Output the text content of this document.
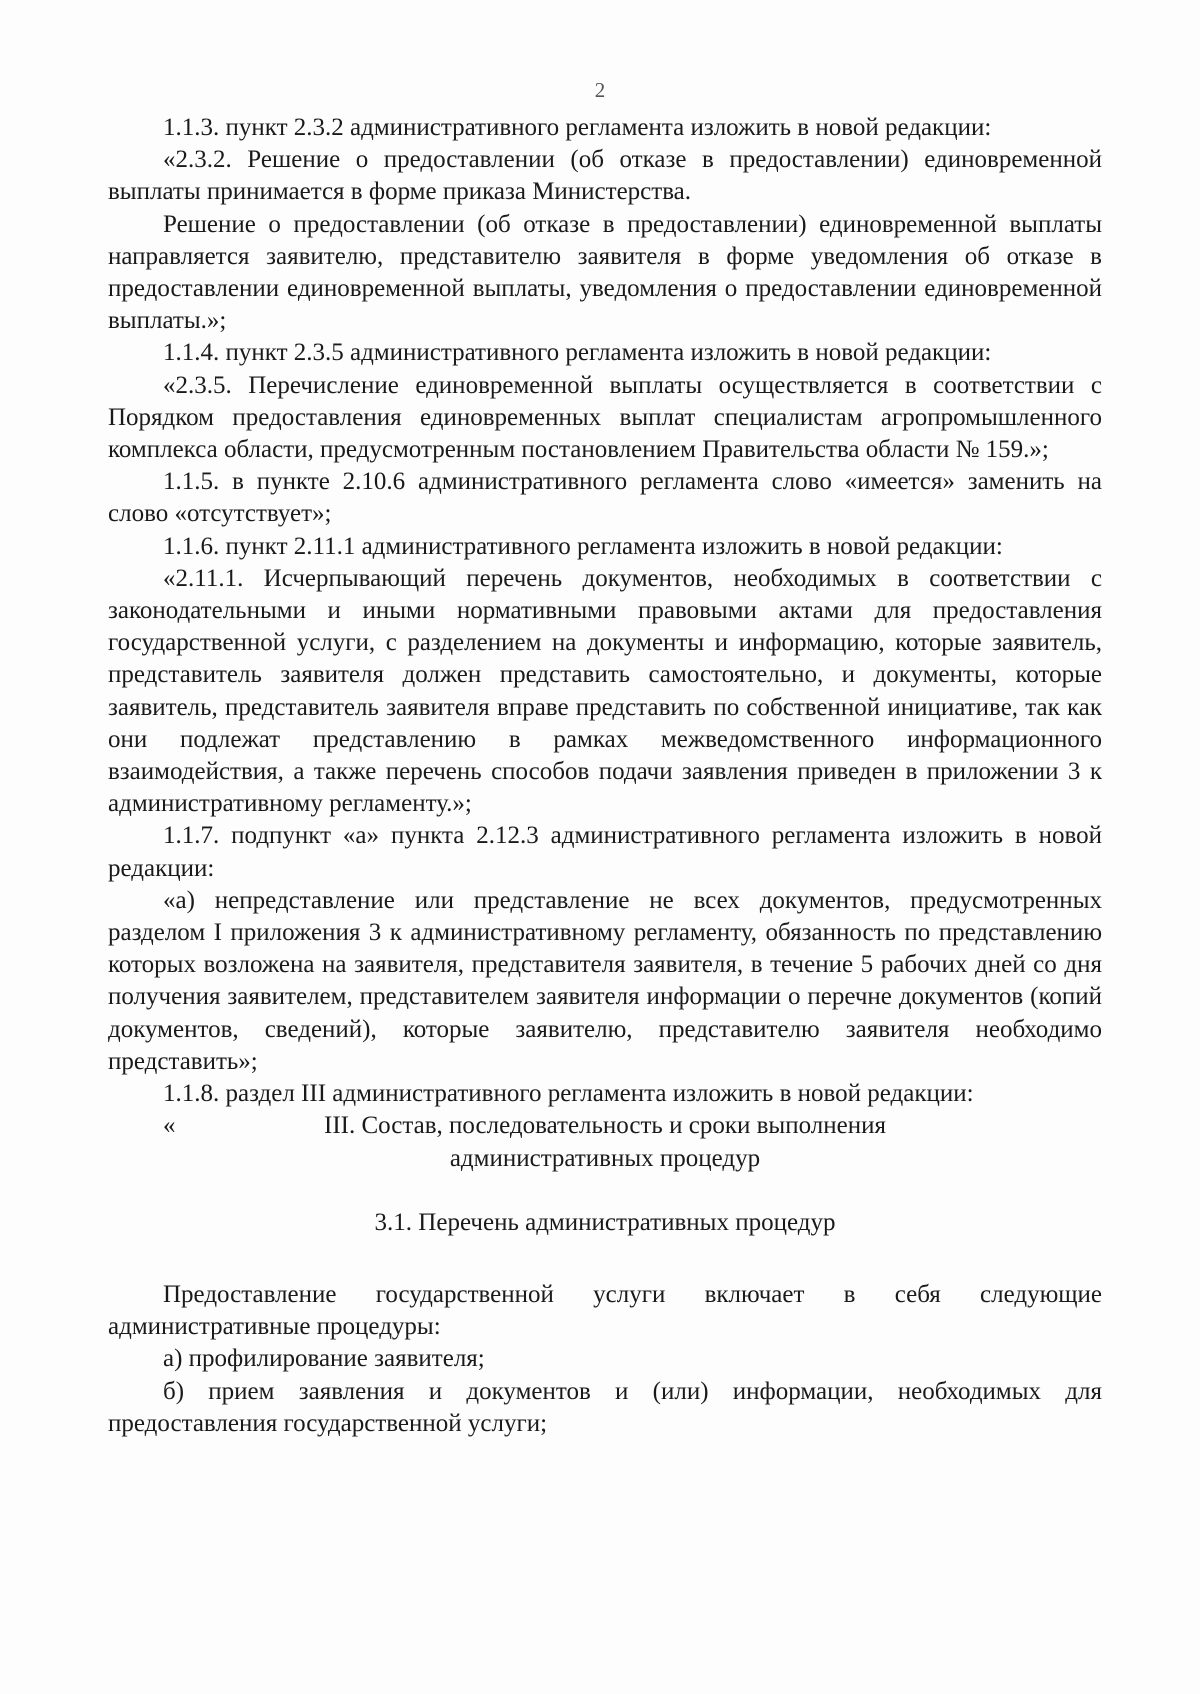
2

1.1.3. пункт 2.3.2 административного регламента изложить в новой редакции:

«2.3.2. Решение о предоставлении (об отказе в предоставлении) единовременной выплаты принимается в форме приказа Министерства.

Решение о предоставлении (об отказе в предоставлении) единовременной выплаты направляется заявителю, представителю заявителя в форме уведомления об отказе в предоставлении единовременной выплаты, уведомления о предоставлении единовременной выплаты.»;

1.1.4. пункт 2.3.5 административного регламента изложить в новой редакции:

«2.3.5. Перечисление единовременной выплаты осуществляется в соответствии с Порядком предоставления единовременных выплат специалистам агропромышленного комплекса области, предусмотренным постановлением Правительства области № 159.»;

1.1.5. в пункте 2.10.6 административного регламента слово «имеется» заменить на слово «отсутствует»;

1.1.6. пункт 2.11.1 административного регламента изложить в новой редакции:

«2.11.1. Исчерпывающий перечень документов, необходимых в соответствии с законодательными и иными нормативными правовыми актами для предоставления государственной услуги, с разделением на документы и информацию, которые заявитель, представитель заявителя должен представить самостоятельно, и документы, которые заявитель, представитель заявителя вправе представить по собственной инициативе, так как они подлежат представлению в рамках межведомственного информационного взаимодействия, а также перечень способов подачи заявления приведен в приложении 3 к административному регламенту.»;

1.1.7. подпункт «а» пункта 2.12.3 административного регламента изложить в новой редакции:

«а) непредставление или представление не всех документов, предусмотренных разделом I приложения 3 к административному регламенту, обязанность по представлению которых возложена на заявителя, представителя заявителя, в течение 5 рабочих дней со дня получения заявителем, представителем заявителя информации о перечне документов (копий документов, сведений), которые заявителю, представителю заявителя необходимо представить»;

1.1.8. раздел III административного регламента изложить в новой редакции:

«	III. Состав, последовательность и сроки выполнения
административных процедур
3.1. Перечень административных процедур

Предоставление государственной услуги включает в себя следующие административные процедуры:

а) профилирование заявителя;

б) прием заявления и документов и (или) информации, необходимых для предоставления государственной услуги;
